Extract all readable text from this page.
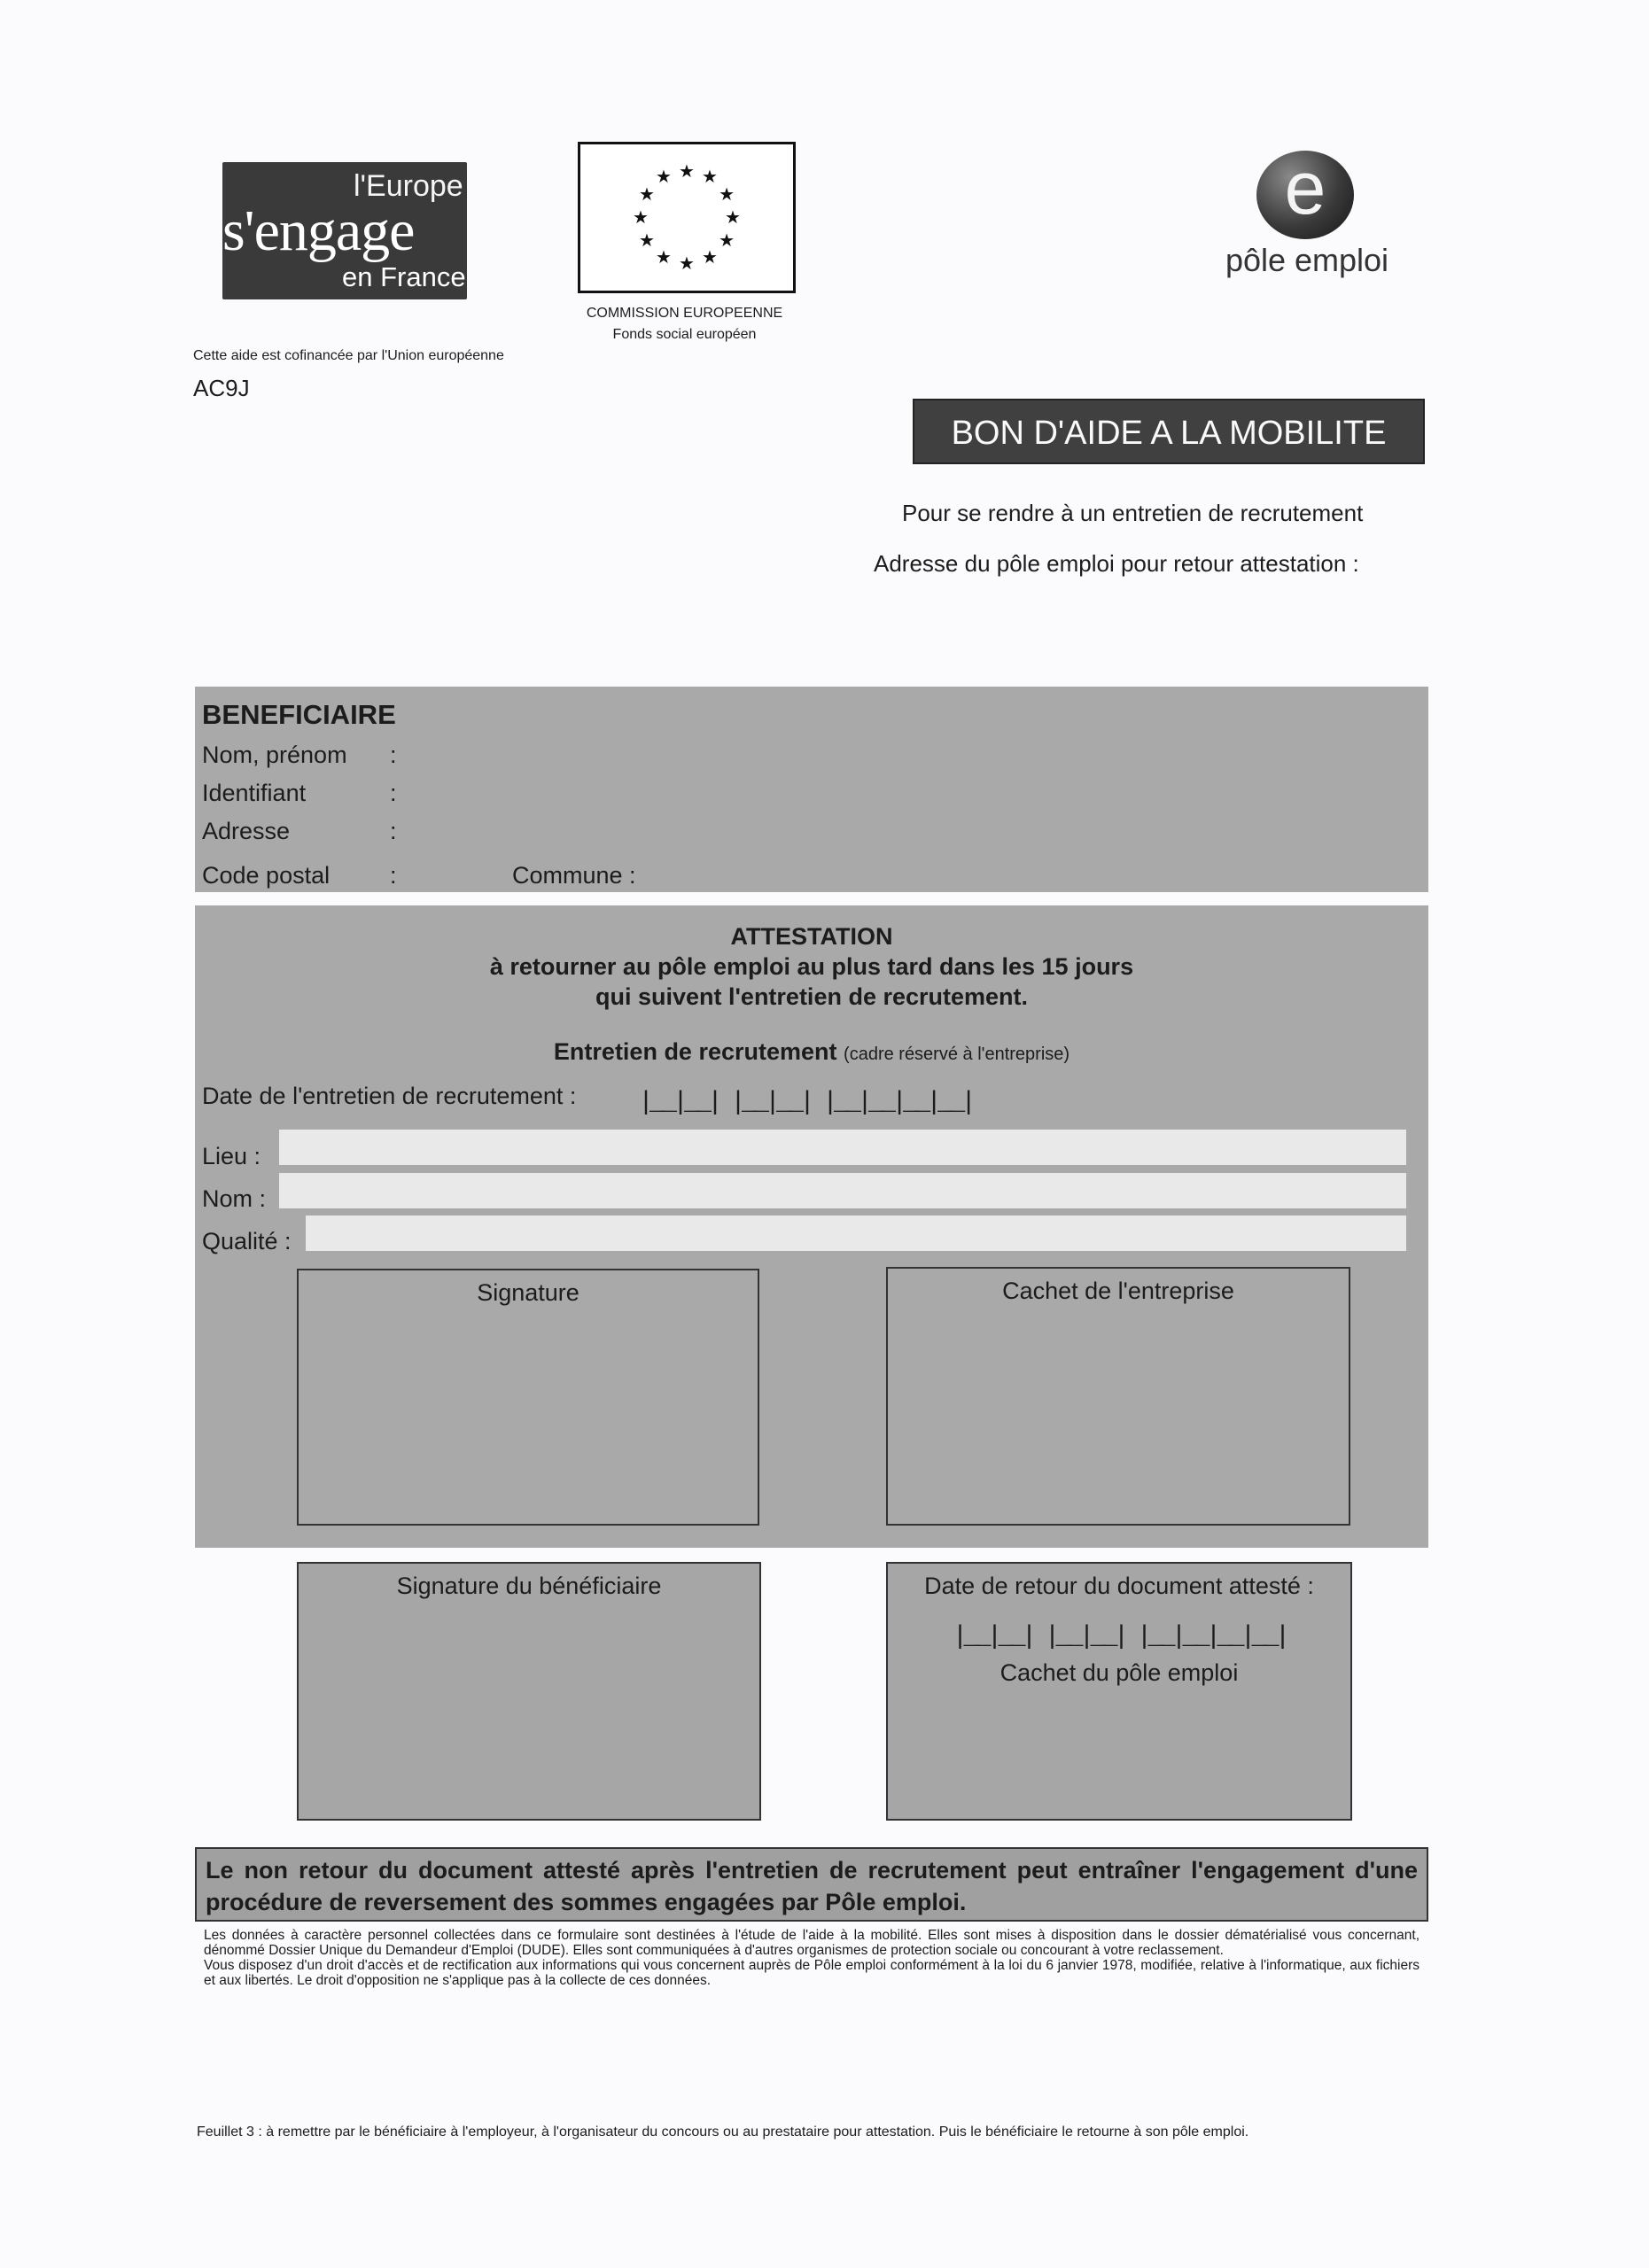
l'Europe
s'engage
en France
★ ★
★
★
★
★
★
★
★
★
★
★
COMMISSION EUROPEENNE
Fonds social européen
e
pôle emploi
Cette aide est cofinancée par l'Union européenne
AC9J
BON D'AIDE A LA MOBILITE
Pour se rendre à un entretien de recrutement
Adresse du pôle emploi pour retour attestation :
BENEFICIAIRE
Nom, prénom :
Identifiant	:
Adresse	:
Code postal	:	Commune :
ATTESTATION
à retourner au pôle emploi au plus tard dans les 15 jours
qui suivent l'entretien de recrutement.
Entretien de recrutement (cadre réservé à l'entreprise)
Date de l'entretien de recrutement : |__|__| |__|__| |__|__|__|__|
Lieu :
Nom :
Qualité :
Signature	Cachet de l'entreprise
Signature du bénéficiaire	Date de retour du document attesté :
|__|__| |__|__| |__|__|__|__|
Cachet du pôle emploi
Le non retour du document attesté après l'entretien de recrutement peut entraîner l'engagement d'une procédure de reversement des sommes engagées par Pôle emploi.
Les données à caractère personnel collectées dans ce formulaire sont destinées à l'étude de l'aide à la mobilité. Elles sont mises à disposition dans le dossier dématérialisé vous concernant, dénommé Dossier Unique du Demandeur d'Emploi (DUDE). Elles sont communiquées à d'autres organismes de protection sociale ou concourant à votre reclassement.
Vous disposez d'un droit d'accès et de rectification aux informations qui vous concernent auprès de Pôle emploi conformément à la loi du 6 janvier 1978, modifiée, relative à l'informatique, aux fichiers et aux libertés. Le droit d'opposition ne s'applique pas à la collecte de ces données.
Feuillet 3 : à remettre par le bénéficiaire à l'employeur, à l'organisateur du concours ou au prestataire pour attestation. Puis le bénéficiaire le retourne à son pôle emploi.
